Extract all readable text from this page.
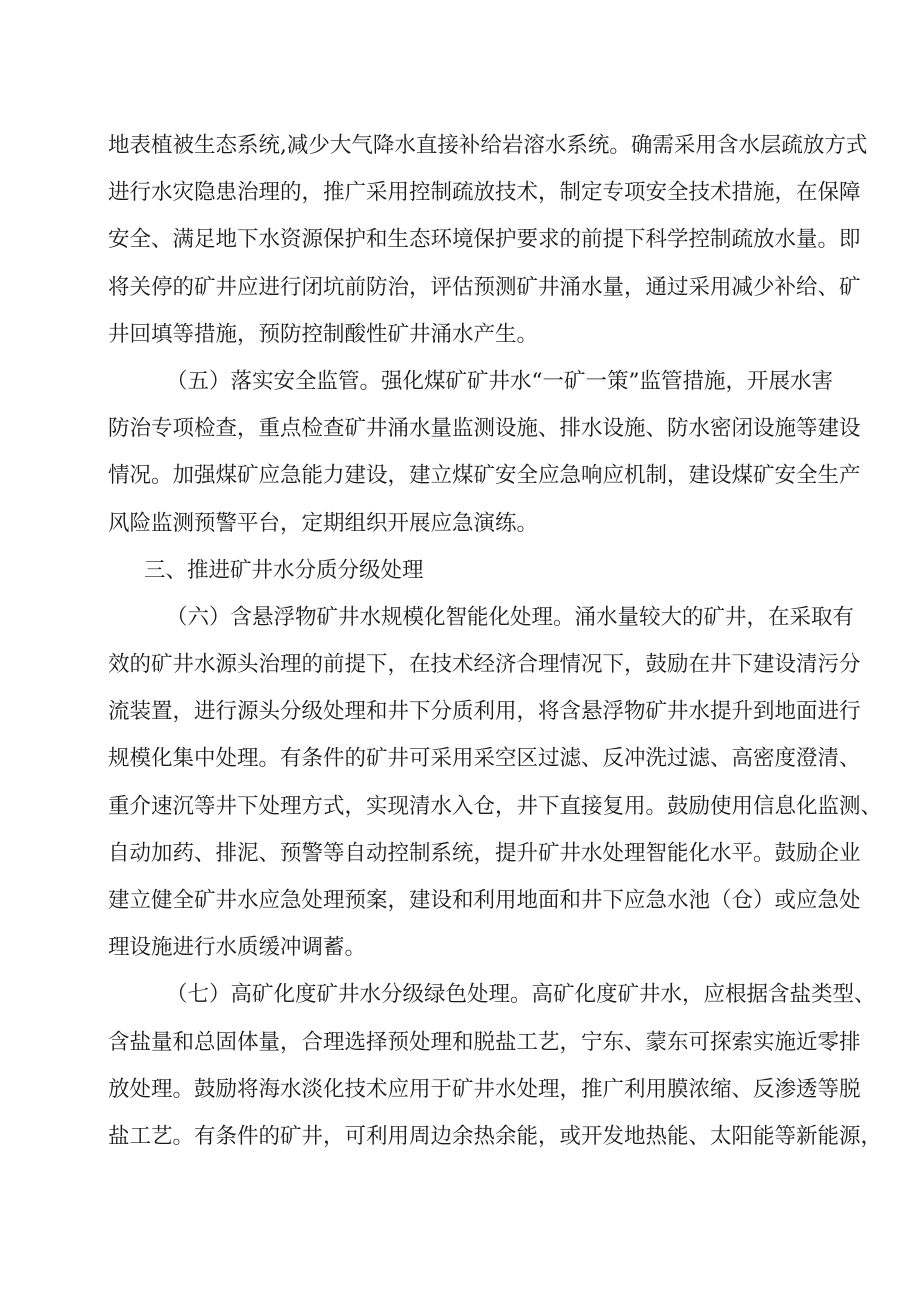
地表植被生态系统,减少大气降水直接补给岩溶水系统。确需采用含水层疏放方式
进行水灾隐患治理的，推广采用控制疏放技术，制定专项安全技术措施，在保障
安全、满足地下水资源保护和生态环境保护要求的前提下科学控制疏放水量。即
将关停的矿井应进行闭坑前防治，评估预测矿井涌水量，通过采用减少补给、矿
井回填等措施，预防控制酸性矿井涌水产生。
（五）落实安全监管。强化煤矿矿井水“一矿一策”监管措施，开展水害
防治专项检查，重点检查矿井涌水量监测设施、排水设施、防水密闭设施等建设
情况。加强煤矿应急能力建设，建立煤矿安全应急响应机制，建设煤矿安全生产
风险监测预警平台，定期组织开展应急演练。
三、推进矿井水分质分级处理
（六）含悬浮物矿井水规模化智能化处理。涌水量较大的矿井，在采取有
效的矿井水源头治理的前提下，在技术经济合理情况下，鼓励在井下建设清污分
流装置，进行源头分级处理和井下分质利用，将含悬浮物矿井水提升到地面进行
规模化集中处理。有条件的矿井可采用采空区过滤、反冲洗过滤、高密度澄清、
重介速沉等井下处理方式，实现清水入仓，井下直接复用。鼓励使用信息化监测、
自动加药、排泥、预警等自动控制系统，提升矿井水处理智能化水平。鼓励企业
建立健全矿井水应急处理预案，建设和利用地面和井下应急水池（仓）或应急处
理设施进行水质缓冲调蓄。
（七）高矿化度矿井水分级绿色处理。高矿化度矿井水，应根据含盐类型、
含盐量和总固体量，合理选择预处理和脱盐工艺，宁东、蒙东可探索实施近零排
放处理。鼓励将海水淡化技术应用于矿井水处理，推广利用膜浓缩、反渗透等脱
盐工艺。有条件的矿井，可利用周边余热余能，或开发地热能、太阳能等新能源，
